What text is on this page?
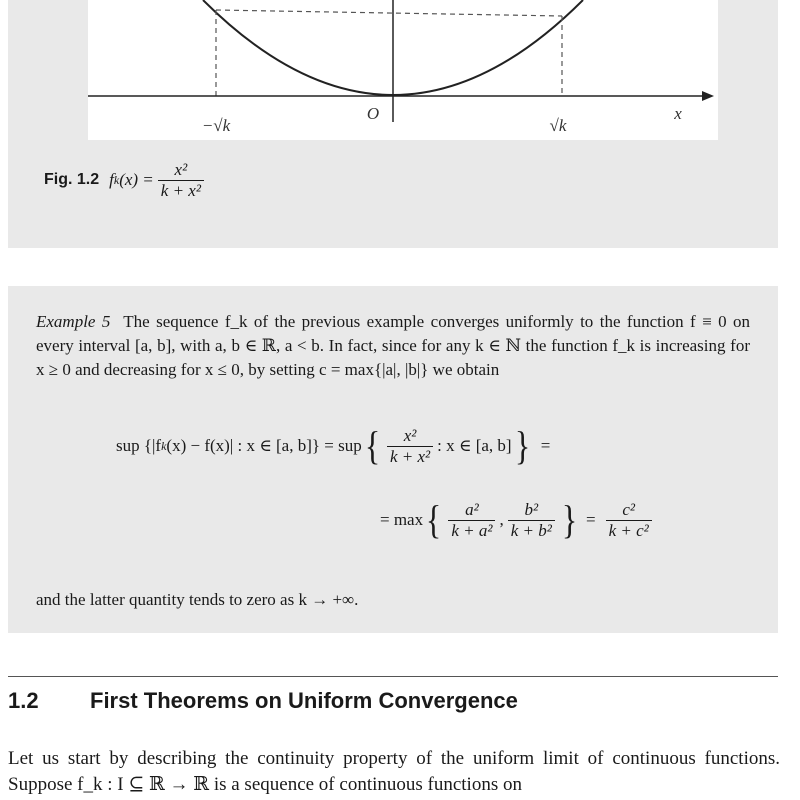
−√k
O
√k
x
Fig. 1.2 f k $(x) = \frac{\text{x²}}{\text{k + x²}}$

Example 5 The sequence f_k of the previous example converges uniformly to the function f ≡ 0 on every interval [a, b], with a, b ∈ ℝ, a < b. In fact, since for any k ∈ ℕ the function f_k is increasing for x ≥ 0 and decreasing for x ≤ 0, by setting c = max{|a|, |b|} we obtain

sup {|f k (x) − f(x)| : x ∈ [a, b]} = sup { $\frac{\text{x²}}{\text{k + x²}}$ : x ∈ [a, b] } =
= max { $\frac{\text{a²}}{\text{k + a²}}$ , $\frac{\text{b²}}{\text{k + b²}}$ } = $\frac{\text{c²}}{\text{k + c²}}$
and the latter quantity tends to zero as k → +∞.
1.2 First Theorems on Uniform Convergence

Let us start by describing the continuity property of the uniform limit of continuous functions. Suppose f_k : I ⊆ ℝ → ℝ is a sequence of continuous functions on
